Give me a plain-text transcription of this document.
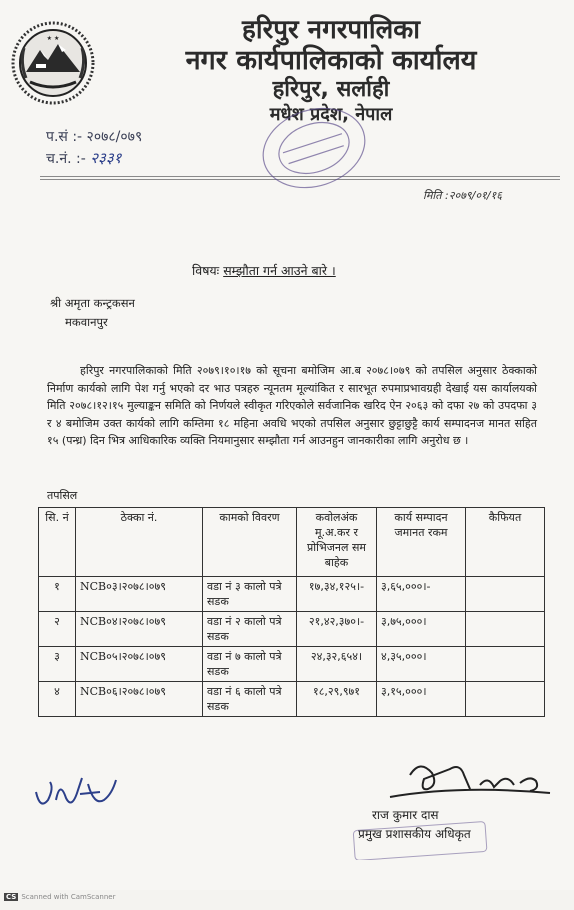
★ ★	हरिपुर नगरपालिका
नगर कार्यपालिकाको कार्यालय
हरिपुर, सर्लाही
मधेश प्रदेश, नेपाल
प.सं :- २०७८/०७९
च.नं. :- २३३१
मिति :२०७९/०१/१६
विषयः सम्झौता गर्न आउने बारे ।
श्री अमृता कन्ट्रकसन
मकवानपुर
हरिपुर नगरपालिकाको मिति २०७९।१०।१७ को सूचना बमोजिम आ.ब २०७८।०७९ को तपसिल अनुसार ठेक्काको निर्माण कार्यको लागि पेश गर्नु भएको दर भाउ पत्रहरु न्यूनतम मूल्यांकित र सारभूत रुपमाप्रभावग्रही देखाई यस कार्यालयको मिति २०७८।१२।१५ मुल्याङ्कन समिति को निर्णयले स्वीकृत गरिएकोले सर्वजानिक खरिद ऐन २०६३ को दफा २७ को उपदफा ३ र ४ बमोजिम उक्त कार्यको लागि कम्तिमा १८ महिना अवधि भएको तपसिल अनुसार छुट्टाछुट्टै कार्य सम्पादनज मानत सहित १५ (पन्ध्र) दिन भित्र आधिकारिक व्यक्ति नियमानुसार सम्झौता गर्न आउनहुन जानकारीका लागि अनुरोध छ ।
तपसिल
सि. नं	ठेक्का नं.	कामको विवरण	कवोलअंक मू.अ.कर र प्रोभिजनल सम बाहेक	कार्य सम्पादन जमानत रकम	कैफियत
१	NCB०३।२०७८।०७९	वडा नं ३ कालो पत्रे सडक	१७,३४,१२५।-	३,६५,०००।-	
२	NCB०४।२०७८।०७९	वडा नं २ कालो पत्रे सडक	२१,४२,३७०।-	३,७५,०००।	
३	NCB०५।२०७८।०७९	वडा नं ७ कालो पत्रे सडक	२४,३२,६५४।	४,३५,०००।	
४	NCB०६।२०७८।०७९	वडा नं ६ कालो पत्रे सडक	१८,२९,९७१	३,१५,०००।	
राज कुमार दास
प्रमुख प्रशासकीय अधिकृत
CS Scanned with CamScanner
